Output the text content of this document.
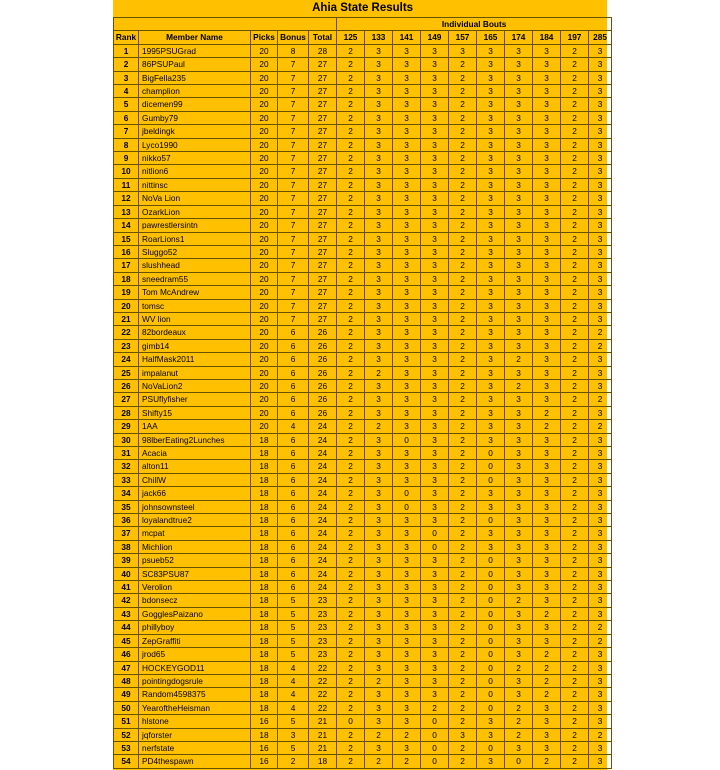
Ahia State Results														
					Individual Bouts									
Rank	Member Name	Picks	Bonus	Total	125	133	141	149	157	165	174	184	197	285
1	1995PSUGrad	20	8	28	2	3	3	3	3	3	3	3	2	3
2	86PSUPaul	20	7	27	2	3	3	3	2	3	3	3	2	3
3	BigFella235	20	7	27	2	3	3	3	2	3	3	3	2	3
4	champlion	20	7	27	2	3	3	3	2	3	3	3	2	3
5	dicemen99	20	7	27	2	3	3	3	2	3	3	3	2	3
6	Gumby79	20	7	27	2	3	3	3	2	3	3	3	2	3
7	jbeldingk	20	7	27	2	3	3	3	2	3	3	3	2	3
8	Lyco1990	20	7	27	2	3	3	3	2	3	3	3	2	3
9	nikko57	20	7	27	2	3	3	3	2	3	3	3	2	3
10	nitlion6	20	7	27	2	3	3	3	2	3	3	3	2	3
11	nittinsc	20	7	27	2	3	3	3	2	3	3	3	2	3
12	NoVa Lion	20	7	27	2	3	3	3	2	3	3	3	2	3
13	OzarkLion	20	7	27	2	3	3	3	2	3	3	3	2	3
14	pawrestlersintn	20	7	27	2	3	3	3	2	3	3	3	2	3
15	RoarLions1	20	7	27	2	3	3	3	2	3	3	3	2	3
16	Sluggo52	20	7	27	2	3	3	3	2	3	3	3	2	3
17	slushhead	20	7	27	2	3	3	3	2	3	3	3	2	3
18	sneedram55	20	7	27	2	3	3	3	2	3	3	3	2	3
19	Tom McAndrew	20	7	27	2	3	3	3	2	3	3	3	2	3
20	tomsc	20	7	27	2	3	3	3	2	3	3	3	2	3
21	WV lion	20	7	27	2	3	3	3	2	3	3	3	2	3
22	82bordeaux	20	6	26	2	3	3	3	2	3	3	3	2	2
23	gimb14	20	6	26	2	3	3	3	2	3	3	3	2	2
24	HalfMask2011	20	6	26	2	3	3	3	2	3	2	3	2	3
25	impalanut	20	6	26	2	2	3	3	2	3	3	3	2	3
26	NoVaLion2	20	6	26	2	3	3	3	2	3	2	3	2	3
27	PSUflyfisher	20	6	26	2	3	3	3	2	3	3	3	2	2
28	Shifty15	20	6	26	2	3	3	3	2	3	3	2	2	3
29	1AA	20	4	24	2	2	3	3	2	3	3	2	2	2
30	98lberEating2Lunches	18	6	24	2	3	0	3	2	3	3	3	2	3
31	Acacia	18	6	24	2	3	3	3	2	0	3	3	2	3
32	alton11	18	6	24	2	3	3	3	2	0	3	3	2	3
33	ChillW	18	6	24	2	3	3	3	2	0	3	3	2	3
34	jack66	18	6	24	2	3	0	3	2	3	3	3	2	3
35	johnsownsteel	18	6	24	2	3	0	3	2	3	3	3	2	3
36	loyalandtrue2	18	6	24	2	3	3	3	2	0	3	3	2	3
37	mcpat	18	6	24	2	3	3	0	2	3	3	3	2	3
38	Michlion	18	6	24	2	3	3	0	2	3	3	3	2	3
39	psueb52	18	6	24	2	3	3	3	2	0	3	3	2	3
40	SC83PSU87	18	6	24	2	3	3	3	2	0	3	3	2	3
41	Verolion	18	6	24	2	3	3	3	2	0	3	3	2	3
42	bdonsecz	18	5	23	2	3	3	3	2	0	2	3	2	3
43	GogglesPaizano	18	5	23	2	3	3	3	2	0	3	2	2	3
44	phillyboy	18	5	23	2	3	3	3	2	0	3	3	2	2
45	ZepGraffiti	18	5	23	2	3	3	3	2	0	3	3	2	2
46	jrod65	18	5	23	2	3	3	3	2	0	3	2	2	3
47	HOCKEYGOD11	18	4	22	2	3	3	3	2	0	2	2	2	3
48	pointingdogsrule	18	4	22	2	2	3	3	2	0	3	2	2	3
49	Random4598375	18	4	22	2	3	3	3	2	0	3	2	2	3
50	YearoftheHeisman	18	4	22	2	3	3	2	2	0	2	3	2	3
51	hlstone	16	5	21	0	3	3	0	2	3	2	3	2	3
52	jqforster	18	3	21	2	2	2	0	3	3	2	3	2	2
53	nerfstate	16	5	21	2	3	3	0	2	0	3	3	2	3
54	PD4thespawn	16	2	18	2	2	2	0	2	3	0	2	2	3
